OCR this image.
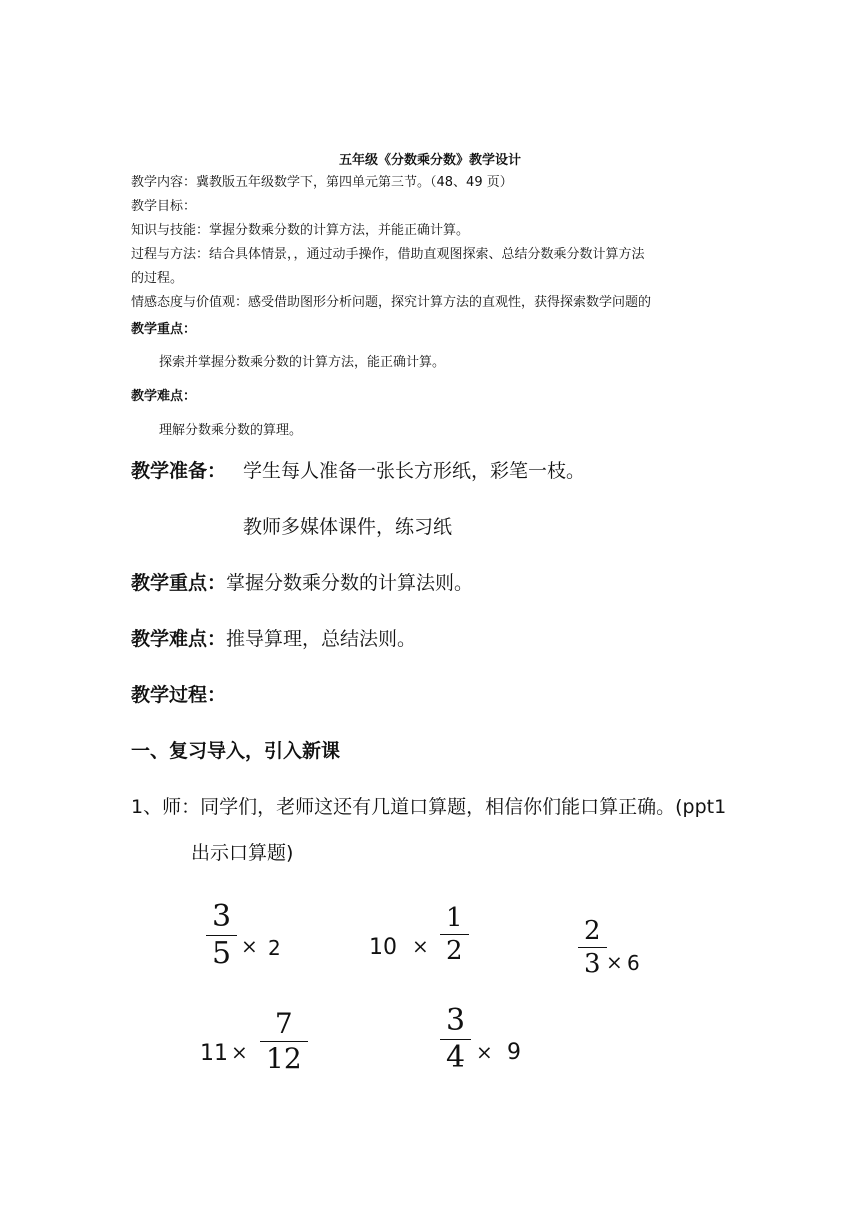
五年级《分数乘分数》教学设计
教学内容：冀教版五年级数学下，第四单元第三节。（48、49 页）
教学目标：
知识与技能：掌握分数乘分数的计算方法，并能正确计算。
过程与方法：结合具体情景，，通过动手操作，借助直观图探索、总结分数乘分数计算方法
的过程。
情感态度与价值观：感受借助图形分析问题，探究计算方法的直观性，获得探索数学问题的
教学重点：
探索并掌握分数乘分数的计算方法，能正确计算。
教学难点：
理解分数乘分数的算理。
教学准备： 学生每人准备一张长方形纸，彩笔一枝。
教师多媒体课件，练习纸
教学重点：掌握分数乘分数的计算法则。
教学难点：推导算理，总结法则。
教学过程：
一、复习导入，引入新课
1、师：同学们，老师这还有几道口算题，相信你们能口算正确。(ppt1
出示口算题)
3
5 × 2	10 ×
1
2
2
3 × 6
11 ×
7
12
3
4 × 9
